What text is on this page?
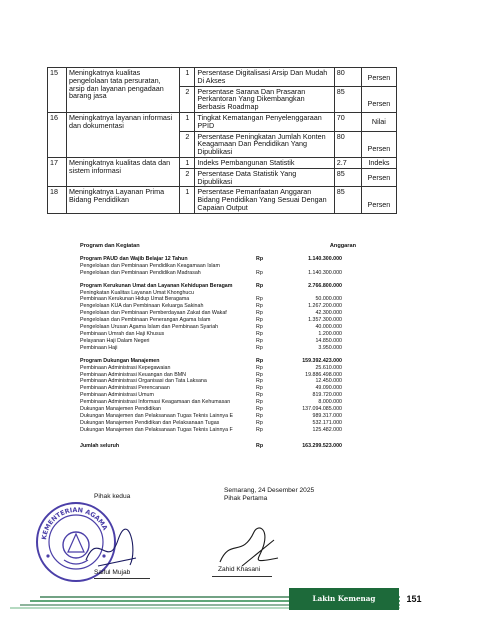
15	Meningkatnya kualitas pengelolaan tata persuratan, arsip dan layanan pengadaan barang jasa	1	Persentase Digitalisasi Arsip Dan Mudah Di Akses	80	Persen
		2	Persentase Sarana Dan Prasaran Perkantoran Yang Dikembangkan Berbasis Roadmap	85	Persen
16	Meningkatnya layanan informasi dan dokumentasi	1	Tingkat Kematangan Penyelenggaraan PPID	70	Nilai
		2	Persentase Peningkatan Jumlah Konten Keagamaan Dan Pendidikan Yang Dipublikasi	80	Persen
17	Meningkatnya kualitas data dan sistem informasi	1	Indeks Pembangunan Statistik	2.7	Indeks
		2	Persentase Data Statistik Yang Dipublikasi	85	Persen
18	Meningkatnya Layanan Prima Bidang Pendidikan	1	Persentase Pemanfaatan Anggaran Bidang Pendidikan Yang Sesuai Dengan Capaian Output	85	Persen
Program dan Kegiatan	Anggaran
Program PAUD dan Wajib Belajar 12 Tahun	Rp	1.140.300.000
Pengelolaan dan Pembinaan Pendidikan Keagamaan Islam
Pengelolaan dan Pembinaan Pendidikan Madrasah	Rp	1.140.300.000
Program Kerukunan Umat dan Layanan Kehidupan Beragam	Rp	2.766.800.000
Peningkatan Kualitas Layanan Umat Khonghucu
Pembinaan Kerukunan Hidup Umat Beragama	Rp	50.000.000
Pengelolaan KUA dan Pembinaan Keluarga Sakinah	Rp	1.267.200.000
Pengelolaan dan Pembinaan Pemberdayaan Zakat dan Wakaf	Rp	42.300.000
Pengelolaan dan Pembinaan Penerangan Agama Islam	Rp	1.357.300.000
Pengelolaan Urusan Agama Islam dan Pembinaan Syariah	Rp	40.000.000
Pembinaan Umrah dan Haji Khusus	Rp	1.200.000
Pelayanan Haji Dalam Negeri	Rp	14.850.000
Pembinaan Haji	Rp	3.950.000
Program Dukungan Manajemen	Rp	159.392.423.000
Pembinaan Administrasi Kepegawaian	Rp	25.610.000
Pembinaan Administrasi Keuangan dan BMN	Rp	19.886.498.000
Pembinaan Administrasi Organisasi dan Tata Laksana	Rp	12.450.000
Pembinaan Administrasi Perencanaan	Rp	49.090.000
Pembinaan Administrasi Umum	Rp	819.720.000
Pembinaan Administrasi Informasi Keagamaan dan Kehumasan	Rp	8.000.000
Dukungan Manajemen Pendidikan	Rp	137.094.085.000
Dukungan Manajemen dan Pelaksanaan Tugas Teknis Lainnya E	Rp	989.317.000
Dukungan Manajemen Pendidikan dan Pelaksanaan Tugas	Rp	532.171.000
Dukungan Manajemen dan Pelaksanaan Tugas Teknis Lainnya F	Rp	125.482.000
Jumlah seluruh	Rp	163.299.523.000
Semarang, 24 Desember 2025
Pihak Pertama
Pihak kedua
KEMENTERIAN AGAMA
Saiful Mujab	Zahid Khasani
Lakin Kemenag Purbalingga
151
